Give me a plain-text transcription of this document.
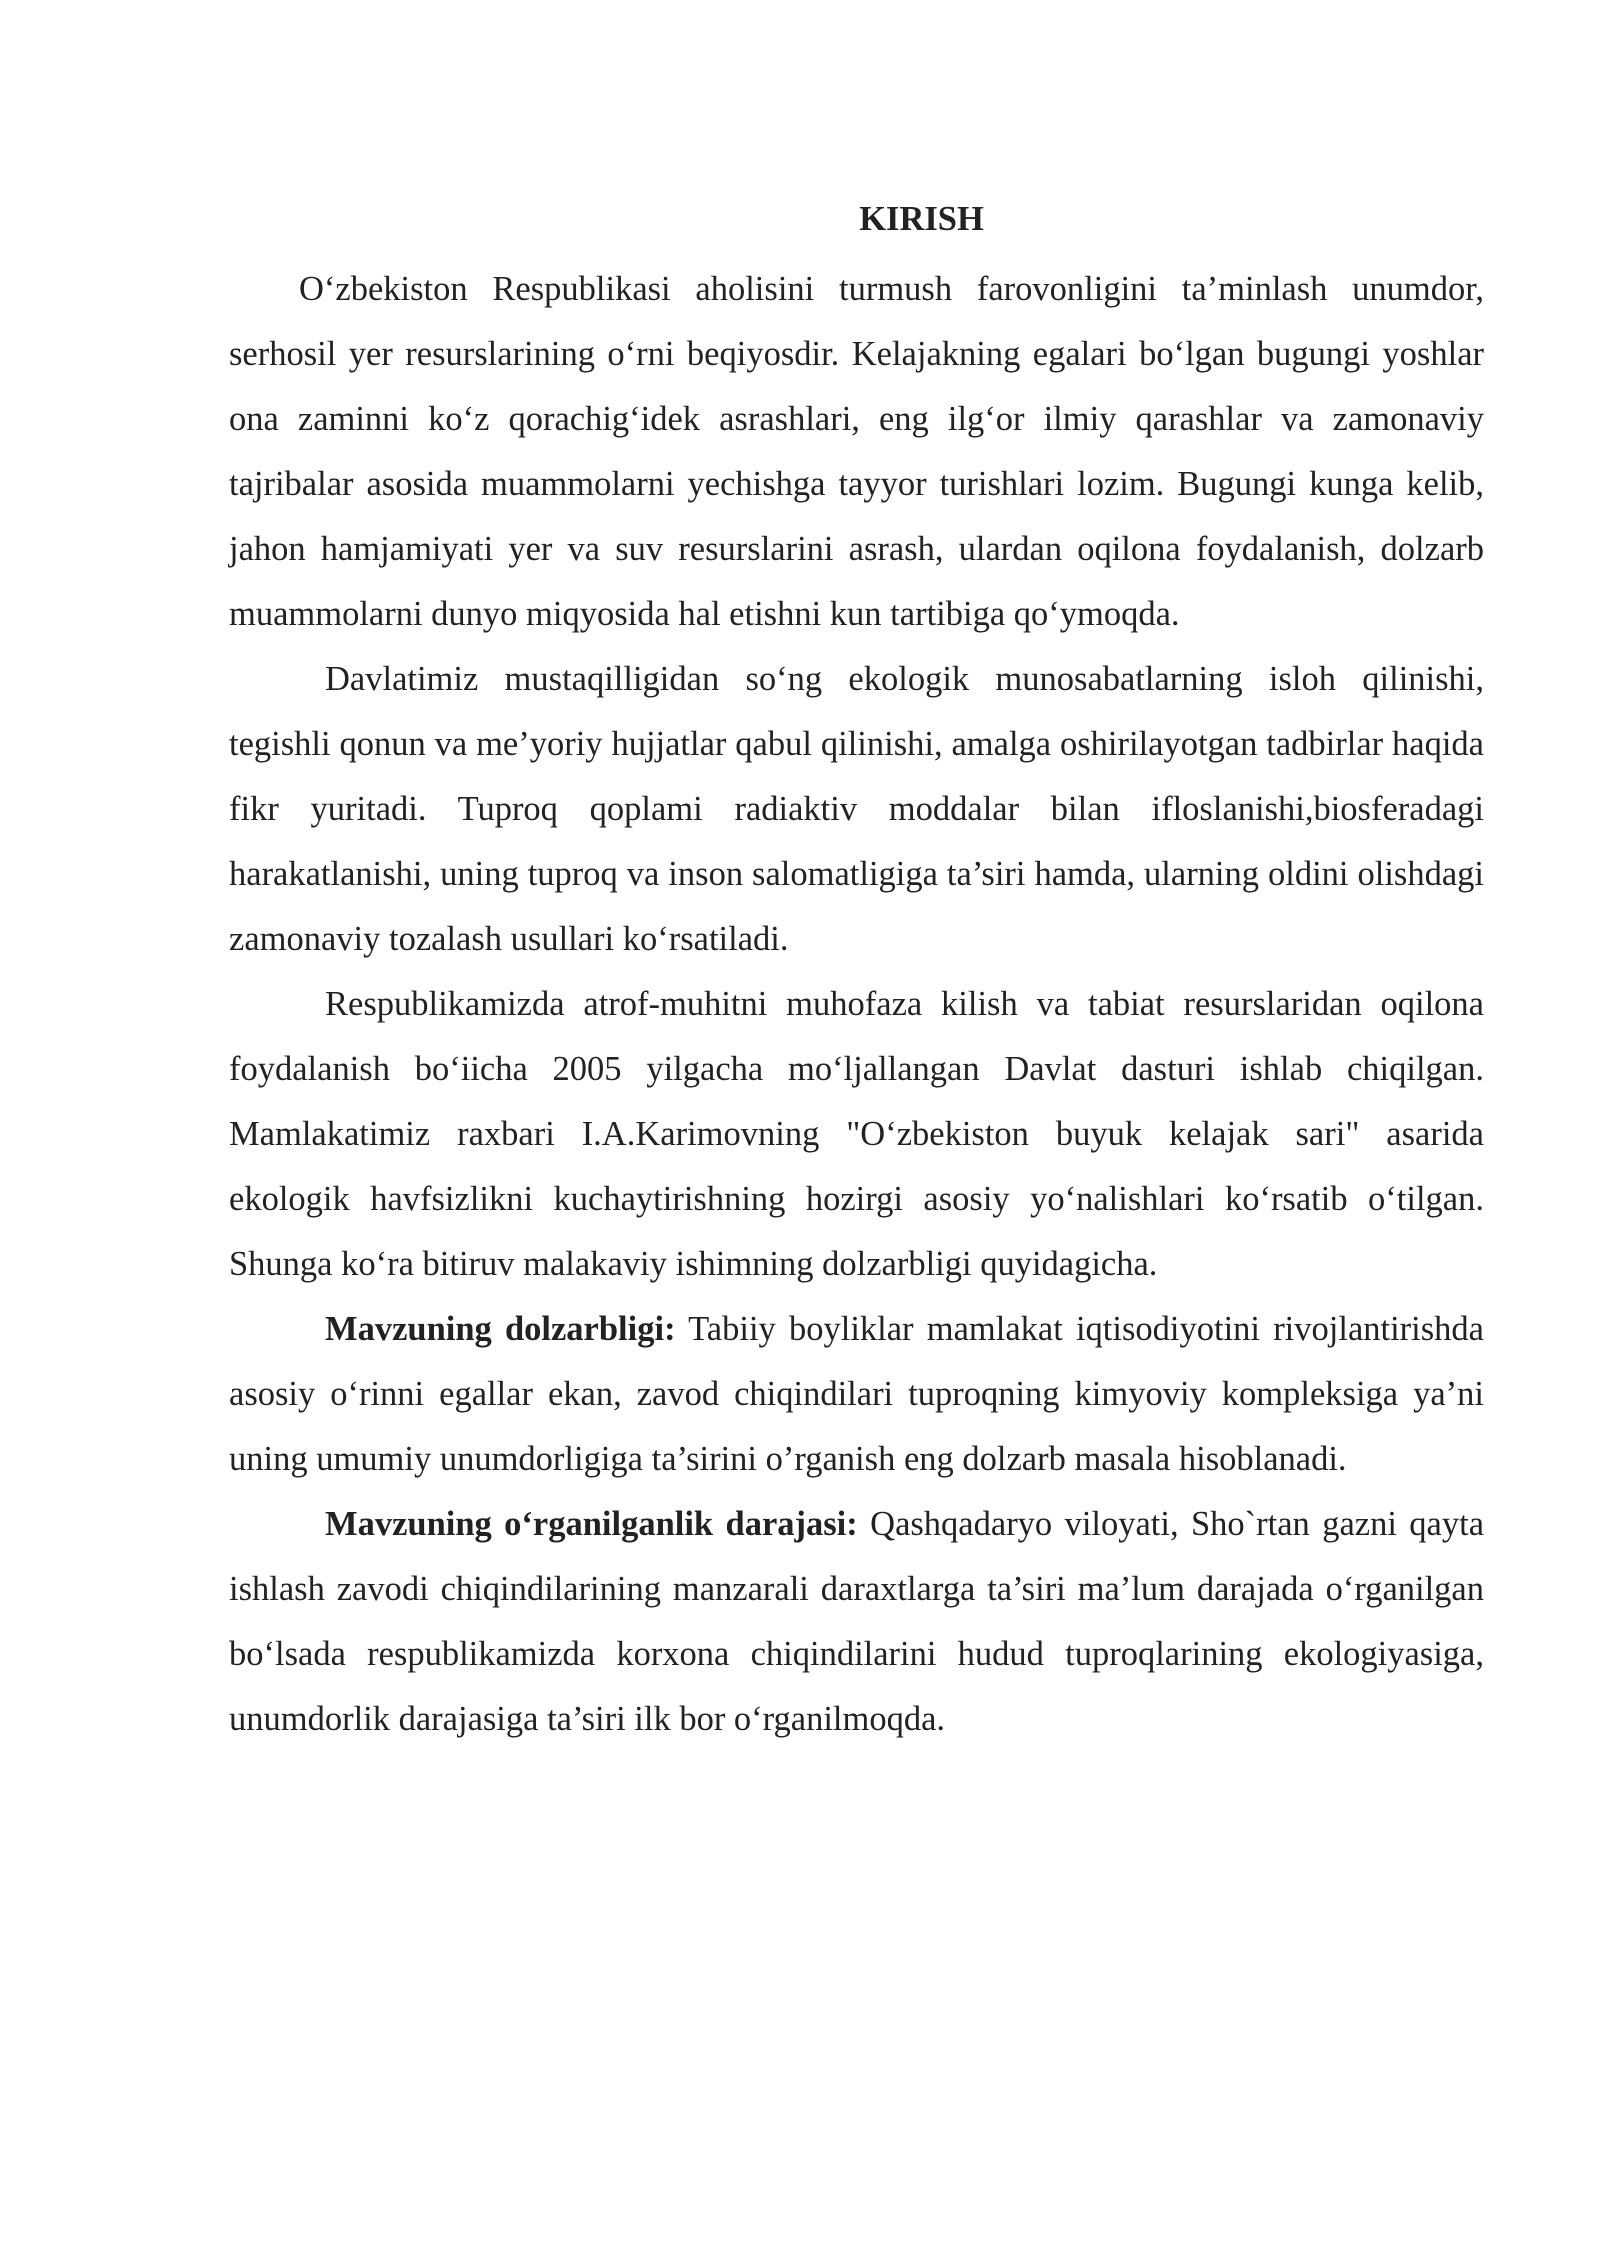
KIRISH

O‘zbekiston Respublikasi aholisini turmush farovonligini ta’minlash unumdor, serhosil yer resurslarining o‘rni beqiyosdir. Kelajakning egalari bo‘lgan bugungi yoshlar ona zaminni ko‘z qorachig‘idek asrashlari, eng ilg‘or ilmiy qarashlar va zamonaviy tajribalar asosida muammolarni yechishga tayyor turishlari lozim. Bugungi kunga kelib, jahon hamjamiyati yer va suv resurslarini asrash, ulardan oqilona foydalanish, dolzarb muammolarni dunyo miqyosida hal etishni kun tartibiga qo‘ymoqda.

Davlatimiz mustaqilligidan so‘ng ekologik munosabatlarning isloh qilinishi, tegishli qonun va me’yoriy hujjatlar qabul qilinishi, amalga oshirilayotgan tadbirlar haqida fikr yuritadi. Tuproq qoplami radiaktiv moddalar bilan ifloslanishi,biosferadagi harakatlanishi, uning tuproq va inson salomatligiga ta’siri hamda, ularning oldini olishdagi zamonaviy tozalash usullari ko‘rsatiladi.

Respublikamizda atrof-muhitni muhofaza kilish va tabiat resurslaridan oqilona foydalanish bo‘iicha 2005 yilgacha mo‘ljallangan Davlat dasturi ishlab chiqilgan. Mamlakatimiz raxbari I.A.Karimovning "O‘zbekiston buyuk kelajak sari" asarida ekologik havfsizlikni kuchaytirishning hozirgi asosiy yo‘nalishlari ko‘rsatib o‘tilgan. Shunga ko‘ra bitiruv malakaviy ishimning dolzarbligi quyidagicha.

Mavzuning dolzarbligi: Tabiiy boyliklar mamlakat iqtisodiyotini rivojlantirishda asosiy o‘rinni egallar ekan, zavod chiqindilari tuproqning kimyoviy kompleksiga ya’ni uning umumiy unumdorligiga ta’sirini o’rganish eng dolzarb masala hisoblanadi.

Mavzuning o‘rganilganlik darajasi: Qashqadaryo viloyati, Sho`rtan gazni qayta ishlash zavodi chiqindilarining manzarali daraxtlarga ta’siri ma’lum darajada o‘rganilgan bo‘lsada respublikamizda korxona chiqindilarini hudud tuproqlarining ekologiyasiga, unumdorlik darajasiga ta’siri ilk bor o‘rganilmoqda.
